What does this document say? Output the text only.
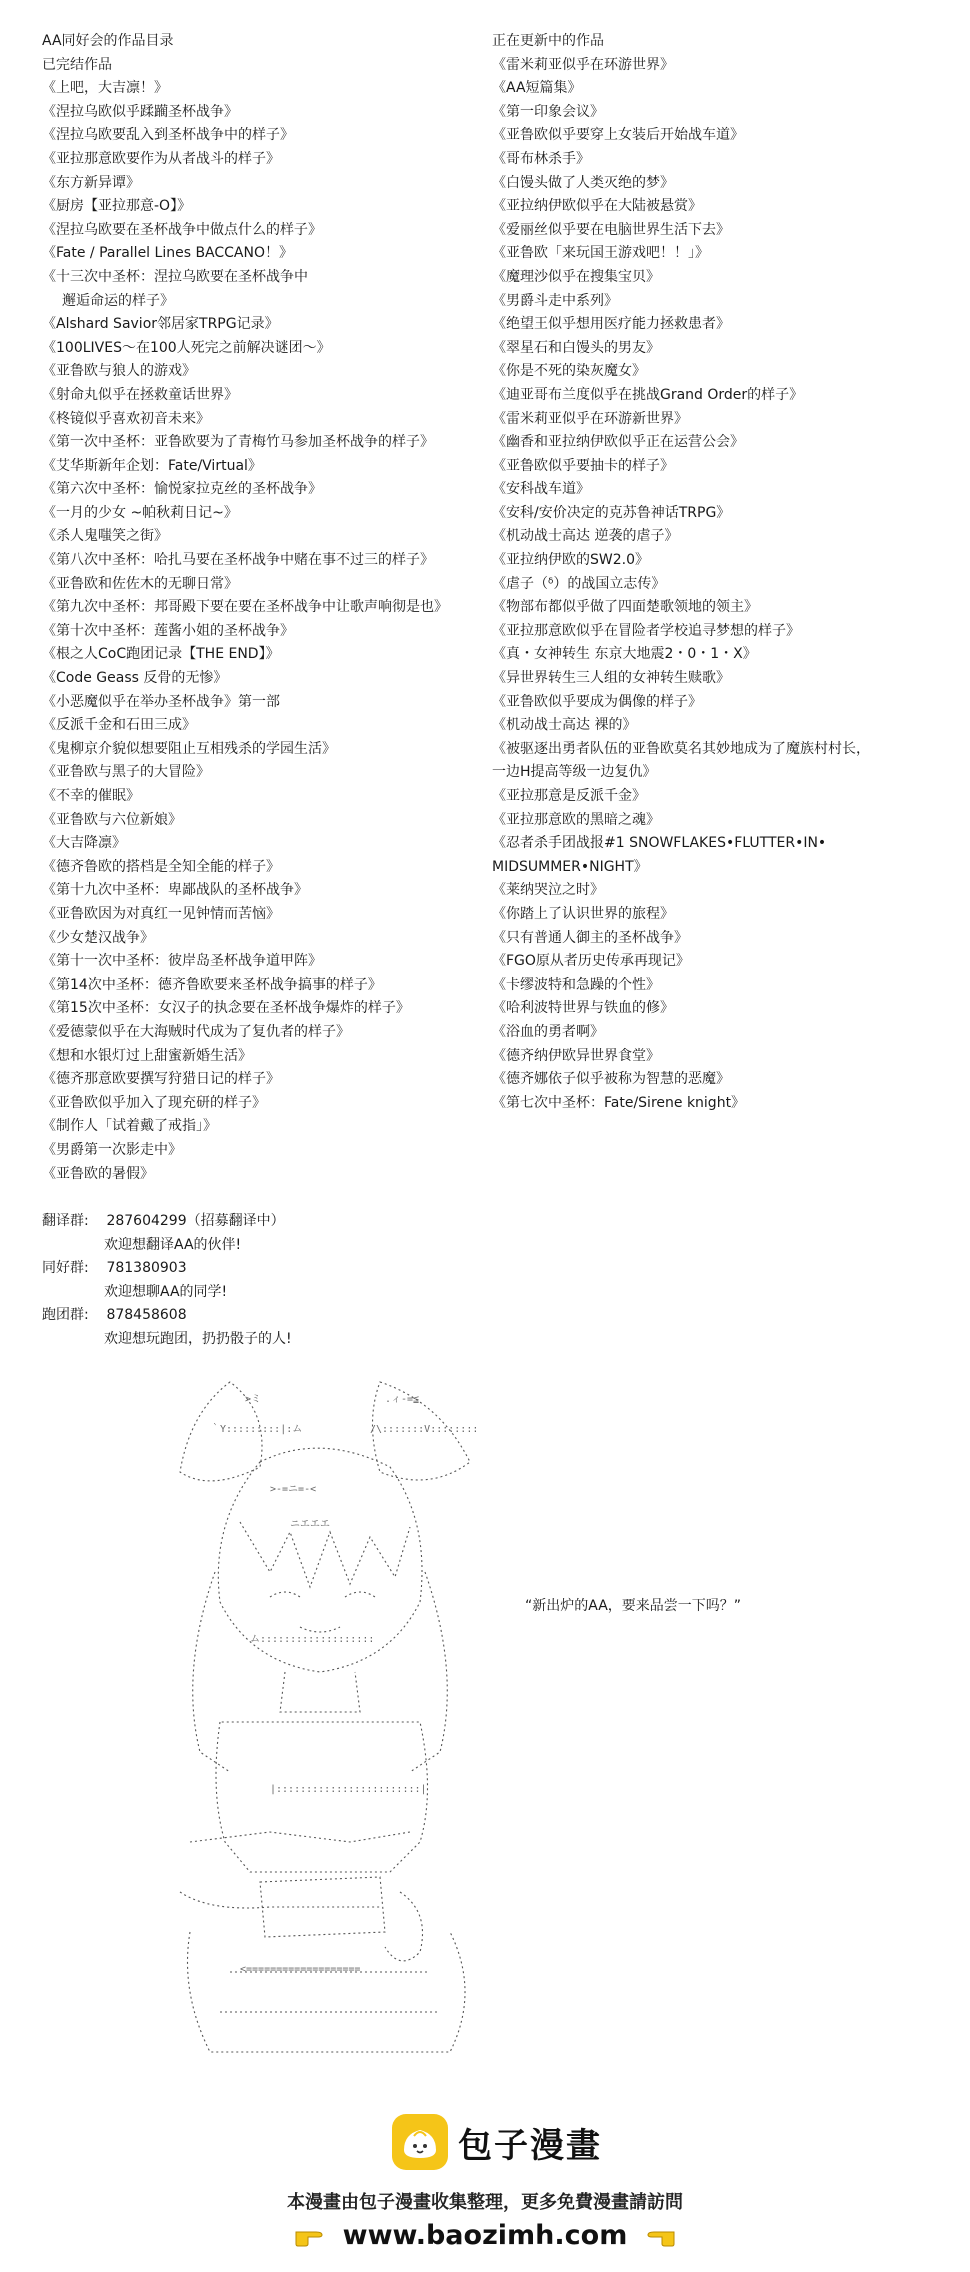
AA同好会的作品目录
已完结作品
《上吧，大吉凛！》
《涅拉乌欧似乎蹂躏圣杯战争》
《涅拉乌欧要乱入到圣杯战争中的样子》
《亚拉那意欧要作为从者战斗的样子》
《东方新异谭》
《厨房【亚拉那意-O】》
《涅拉乌欧要在圣杯战争中做点什么的样子》
《Fate / Parallel Lines BACCANO！》
《十三次中圣杯：涅拉乌欧要在圣杯战争中
邂逅命运的样子》
《Alshard Savior邻居家TRPG记录》
《100LIVES～在100人死完之前解决谜团～》
《亚鲁欧与狼人的游戏》
《射命丸似乎在拯救童话世界》
《柊镜似乎喜欢初音未来》
《第一次中圣杯：亚鲁欧要为了青梅竹马参加圣杯战争的样子》
《艾华斯新年企划：Fate/Virtual》
《第六次中圣杯：愉悦家拉克丝的圣杯战争》
《一月的少女 ~帕秋莉日记~》
《杀人鬼嗤笑之街》
《第八次中圣杯：哈扎马要在圣杯战争中赌在事不过三的样子》
《亚鲁欧和佐佐木的无聊日常》
《第九次中圣杯：邦哥殿下要在要在圣杯战争中让歌声响彻是也》
《第十次中圣杯：莲酱小姐的圣杯战争》
《根之人CoC跑团记录【THE END】》
《Code Geass 反骨的无惨》
《小恶魔似乎在举办圣杯战争》第一部
《反派千金和石田三成》
《鬼柳京介貌似想要阻止互相残杀的学园生活》
《亚鲁欧与黑子的大冒险》
《不幸的催眠》
《亚鲁欧与六位新娘》
《大吉降凛》
《德齐鲁欧的搭档是全知全能的样子》
《第十九次中圣杯：卑鄙战队的圣杯战争》
《亚鲁欧因为对真红一见钟情而苦恼》
《少女楚汉战争》
《第十一次中圣杯：彼岸岛圣杯战争道甲阵》
《第14次中圣杯：德齐鲁欧要来圣杯战争搞事的样子》
《第15次中圣杯：女汉子的执念要在圣杯战争爆炸的样子》
《爱德蒙似乎在大海贼时代成为了复仇者的样子》
《想和水银灯过上甜蜜新婚生活》
《德齐那意欧要撰写狩猎日记的样子》
《亚鲁欧似乎加入了现充研的样子》
《制作人「试着戴了戒指」》
《男爵第一次影走中》
《亚鲁欧的暑假》
正在更新中的作品
《雷米莉亚似乎在环游世界》
《AA短篇集》
《第一印象会议》
《亚鲁欧似乎要穿上女装后开始战车道》
《哥布林杀手》
《白馒头做了人类灭绝的梦》
《亚拉纳伊欧似乎在大陆被悬赏》
《爱丽丝似乎要在电脑世界生活下去》
《亚鲁欧「来玩国王游戏吧！！」》
《魔理沙似乎在搜集宝贝》
《男爵斗走中系列》
《绝望王似乎想用医疗能力拯救患者》
《翠星石和白馒头的男友》
《你是不死的染灰魔女》
《迪亚哥布兰度似乎在挑战Grand Order的样子》
《雷米莉亚似乎在环游新世界》
《幽香和亚拉纳伊欧似乎正在运营公会》
《亚鲁欧似乎要抽卡的样子》
《安科战车道》
《安科/安价决定的克苏鲁神话TRPG》
《机动战士高达 逆袭的虐子》
《亚拉纳伊欧的SW2.0》
《虐子（ᵟ）的战国立志传》
《物部布都似乎做了四面楚歌领地的领主》
《亚拉那意欧似乎在冒险者学校追寻梦想的样子》
《真・女神转生 东京大地震2・0・1・X》
《异世界转生三人组的女神转生赎歌》
《亚鲁欧似乎要成为偶像的样子》
《机动战士高达 裸的》
《被驱逐出勇者队伍的亚鲁欧莫名其妙地成为了魔族村村长，
一边H提高等级一边复仇》
《亚拉那意是反派千金》
《亚拉那意欧的黑暗之魂》
《忍者杀手团战报#1 SNOWFLAKES•FLUTTER•IN•
MIDSUMMER•NIGHT》
《莱纳哭泣之时》
《你踏上了认识世界的旅程》
《只有普通人御主的圣杯战争》
《FGO原从者历史传承再现记》
《卡缪波特和急躁的个性》
《哈利波特世界与铁血的修》
《浴血的勇者啊》
《德齐纳伊欧异世界食堂》
《德齐娜依子似乎被称为智慧的恶魔》
《第七次中圣杯：Fate/Sirene knight》
翻译群: 287604299（招募翻译中）
欢迎想翻译AA的伙伴!
同好群: 781380903
欢迎想聊AA的同学!
跑团群: 878458608
欢迎想玩跑团，扔扔骰子的人!
>ミ	.ィ‐=≦
｀Y:::::::::|:ム	/\:::::::V::::::::
>‐=ニ=‐<
ニエエエ
ム:::::::::::::::::::
|::::::::::::::::::::::::|
<===================
“新出炉的AA，要来品尝一下吗？”
包子漫畫
本漫畫由包子漫畫收集整理，更多免費漫畫請訪問
www.baozimh.com
